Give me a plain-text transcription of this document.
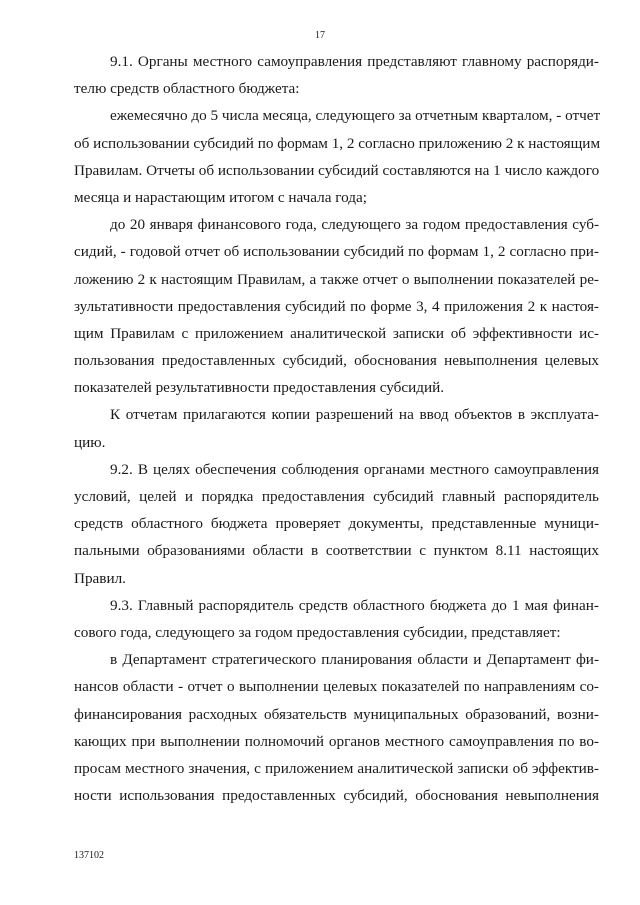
17
9.1. Органы местного самоуправления представляют главному распоряди-
телю средств областного бюджета:
ежемесячно до 5 числа месяца, следующего за отчетным кварталом, - отчет
об использовании субсидий по формам 1, 2 согласно приложению 2 к настоящим
Правилам. Отчеты об использовании субсидий составляются на 1 число каждого
месяца и нарастающим итогом с начала года;
до 20 января финансового года, следующего за годом предоставления суб-
сидий, - годовой отчет об использовании субсидий по формам 1, 2 согласно при-
ложению 2 к настоящим Правилам, а также отчет о выполнении показателей ре-
зультативности предоставления субсидий по форме 3, 4 приложения 2 к настоя-
щим Правилам с приложением аналитической записки об эффективности ис-
пользования предоставленных субсидий, обоснования невыполнения целевых
показателей результативности предоставления субсидий.
К отчетам прилагаются копии разрешений на ввод объектов в эксплуата-
цию.
9.2. В целях обеспечения соблюдения органами местного самоуправления
условий, целей и порядка предоставления субсидий главный распорядитель
средств областного бюджета проверяет документы, представленные муници-
пальными образованиями области в соответствии с пунктом 8.11 настоящих
Правил.
9.3. Главный распорядитель средств областного бюджета до 1 мая финан-
сового года, следующего за годом предоставления субсидии, представляет:
в Департамент стратегического планирования области и Департамент фи-
нансов области - отчет о выполнении целевых показателей по направлениям со-
финансирования расходных обязательств муниципальных образований, возни-
кающих при выполнении полномочий органов местного самоуправления по во-
просам местного значения, с приложением аналитической записки об эффектив-
ности использования предоставленных субсидий, обоснования невыполнения
137102
